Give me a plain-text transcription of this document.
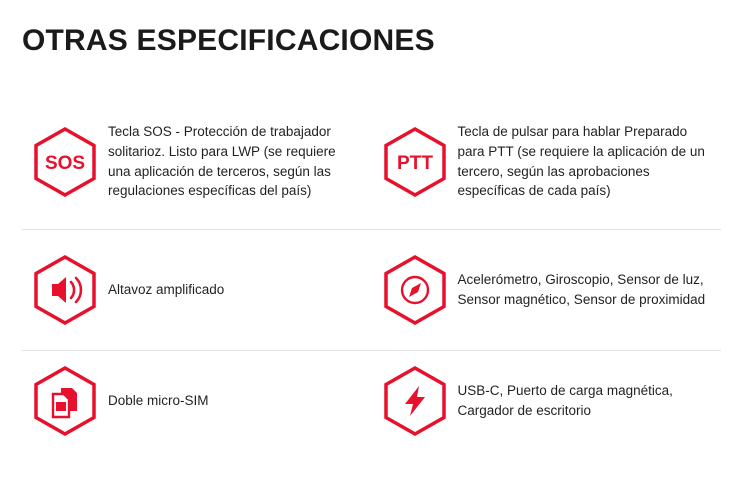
OTRAS ESPECIFICACIONES
SOS
Tecla SOS - Protección de trabajador solitarioz. Listo para LWP (se requiere una aplicación de terceros, según las regulaciones específicas del país)
PTT
Tecla de pulsar para hablar Preparado para PTT (se requiere la aplicación de un tercero, según las aprobaciones específicas de cada país)
Altavoz amplificado
Acelerómetro, Giroscopio, Sensor de luz, Sensor magnético, Sensor de proximidad
Doble micro-SIM
USB-C, Puerto de carga magnética, Cargador de escritorio
